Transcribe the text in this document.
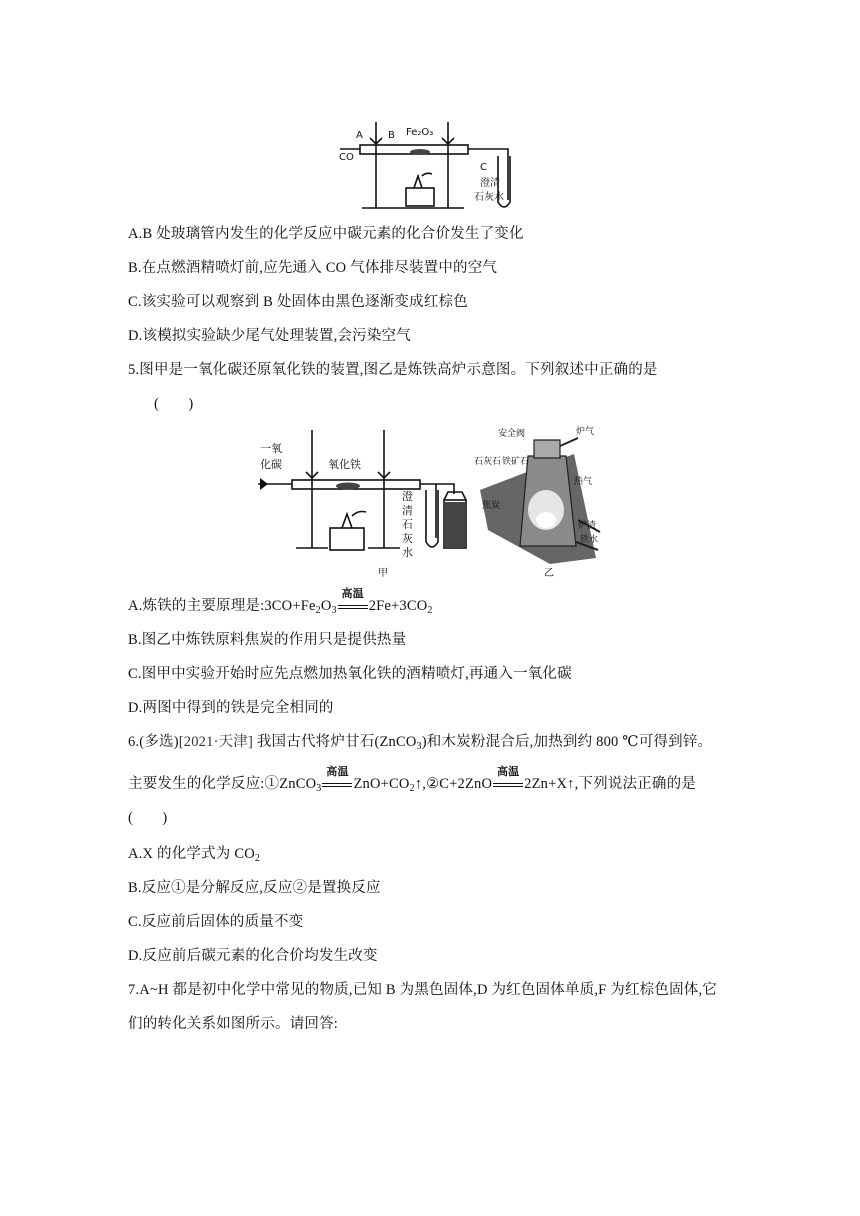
A	B Fe₂O₃
CO
C
澄清
石灰水
A.B 处玻璃管内发生的化学反应中碳元素的化合价发生了变化
B.在点燃酒精喷灯前,应先通入 CO 气体排尽装置中的空气
C.该实验可以观察到 B 处固体由黑色逐渐变成红棕色
D.该模拟实验缺少尾气处理装置,会污染空气
5.图甲是一氧化碳还原氧化铁的装置,图乙是炼铁高炉示意图。下列叙述中正确的是
(　　)
一氧
化碳	氧化铁
澄
清
石
灰
水
甲
安全阀	炉气
石灰石 铁矿石
热气
焦炭
炉渣
铁水
乙
A.炼铁的主要原理是$:3CO+Fe_2O_3$
高温
$2Fe+3CO_2$
B.图乙中炼铁原料焦炭的作用只是提供热量
C.图甲中实验开始时应先点燃加热氧化铁的酒精喷灯,再通入一氧化碳
D.两图中得到的铁是完全相同的
6.(多选)[2021·天津] 我国古代将炉甘石(ZnCO$_3$)和木炭粉混合后,加热到约 800 ℃可得到锌。
主要发生的化学反应:①ZnCO$_3$
高温
$ZnO+CO_2↑,②C+2ZnO$
高温
2Zn+X↑,下列说法正确的是
(　　)
A.X 的化学式为 $CO_2$
B.反应①是分解反应,反应②是置换反应
C.反应前后固体的质量不变
D.反应前后碳元素的化合价均发生改变
7.A~H 都是初中化学中常见的物质,已知 B 为黑色固体,D 为红色固体单质,F 为红棕色固体,它
们的转化关系如图所示。请回答:
